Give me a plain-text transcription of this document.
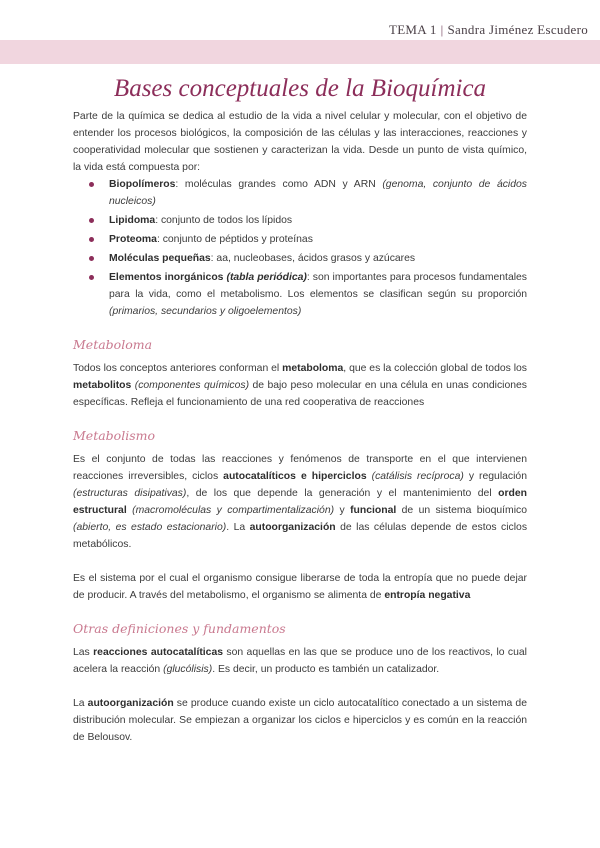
TEMA 1 | Sandra Jiménez Escudero
Bases conceptuales de la Bioquímica

Parte de la química se dedica al estudio de la vida a nivel celular y molecular, con el objetivo de entender los procesos biológicos, la composición de las células y las interacciones, reacciones y cooperatividad molecular que sostienen y caracterizan la vida. Desde un punto de vista químico, la vida está compuesta por:

Biopolímeros: moléculas grandes como ADN y ARN (genoma, conjunto de ácidos nucleicos)
Lipidoma: conjunto de todos los lípidos
Proteoma: conjunto de péptidos y proteínas
Moléculas pequeñas: aa, nucleobases, ácidos grasos y azúcares
Elementos inorgánicos (tabla periódica): son importantes para procesos fundamentales para la vida, como el metabolismo. Los elementos se clasifican según su proporción (primarios, secundarios y oligoelementos)
Metaboloma

Todos los conceptos anteriores conforman el metaboloma, que es la colección global de todos los metabolitos (componentes químicos) de bajo peso molecular en una célula en unas condiciones específicas. Refleja el funcionamiento de una red cooperativa de reacciones

Metabolismo

Es el conjunto de todas las reacciones y fenómenos de transporte en el que intervienen reacciones irreversibles, ciclos autocatalíticos e hiperciclos (catálisis recíproca) y regulación (estructuras disipativas), de los que depende la generación y el mantenimiento del orden estructural (macromoléculas y compartimentalización) y funcional de un sistema bioquímico (abierto, es estado estacionario). La autoorganización de las células depende de estos ciclos metabólicos.

Es el sistema por el cual el organismo consigue liberarse de toda la entropía que no puede dejar de producir. A través del metabolismo, el organismo se alimenta de entropía negativa

Otras definiciones y fundamentos

Las reacciones autocatalíticas son aquellas en las que se produce uno de los reactivos, lo cual acelera la reacción (glucólisis). Es decir, un producto es también un catalizador.

La autoorganización se produce cuando existe un ciclo autocatalítico conectado a un sistema de distribución molecular. Se empiezan a organizar los ciclos e hiperciclos y es común en la reacción de Belousov.
